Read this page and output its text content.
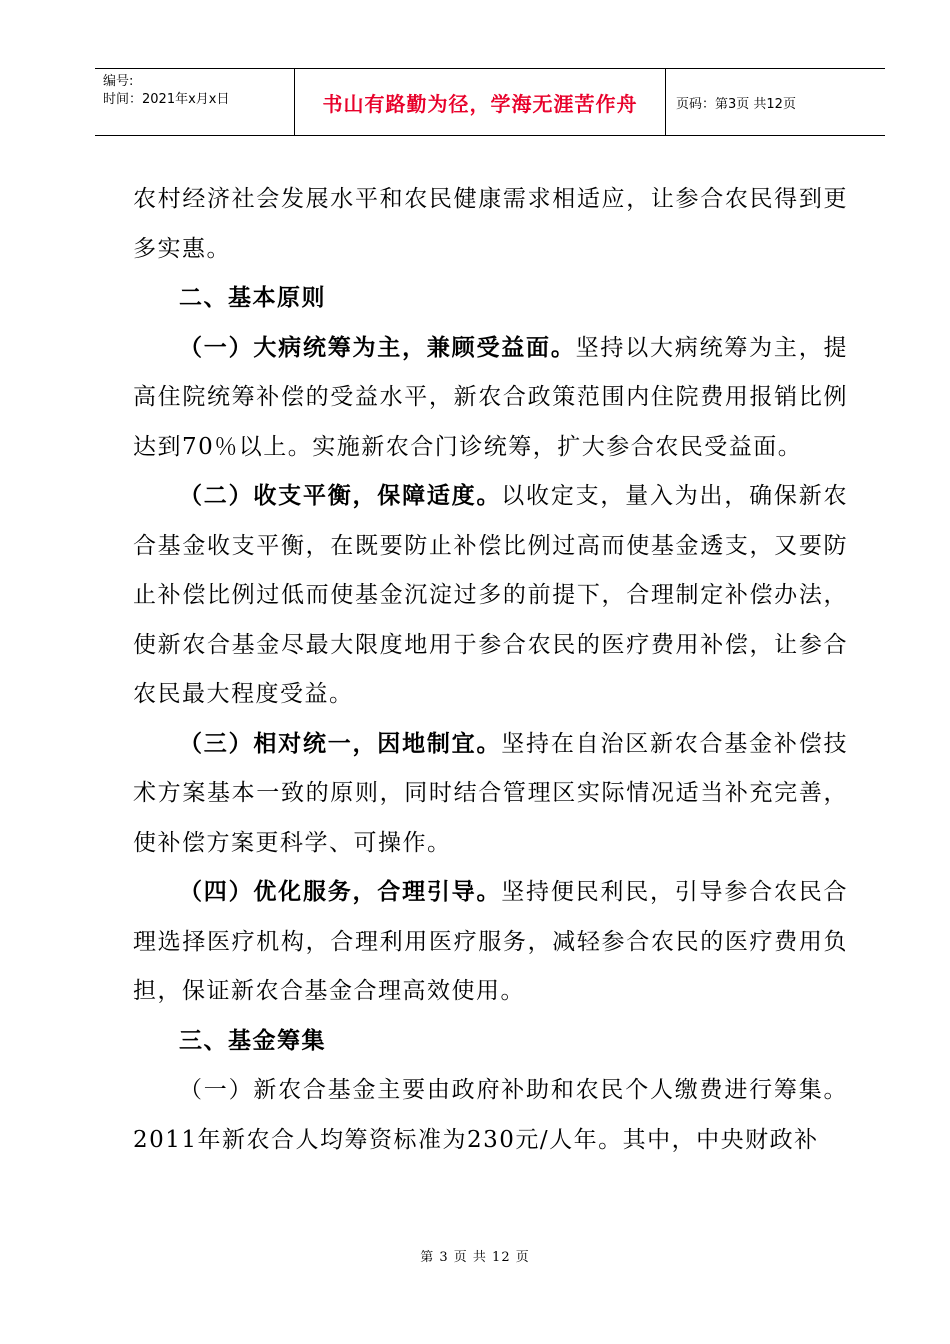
编号:
时间：2021年x月x日	书山有路勤为径，学海无涯苦作舟	页码：第3页 共12页

农村经济社会发展水平和农民健康需求相适应，让参合农民得到更多实惠。

二、基本原则

（一）大病统筹为主，兼顾受益面。坚持以大病统筹为主，提高住院统筹补偿的受益水平，新农合政策范围内住院费用报销比例达到70％以上。实施新农合门诊统筹，扩大参合农民受益面。

（二）收支平衡，保障适度。以收定支，量入为出，确保新农合基金收支平衡，在既要防止补偿比例过高而使基金透支，又要防止补偿比例过低而使基金沉淀过多的前提下，合理制定补偿办法，使新农合基金尽最大限度地用于参合农民的医疗费用补偿，让参合农民最大程度受益。

（三）相对统一，因地制宜。坚持在自治区新农合基金补偿技术方案基本一致的原则，同时结合管理区实际情况适当补充完善，使补偿方案更科学、可操作。

（四）优化服务，合理引导。坚持便民利民，引导参合农民合理选择医疗机构，合理利用医疗服务，减轻参合农民的医疗费用负担，保证新农合基金合理高效使用。

三、基金筹集

（一）新农合基金主要由政府补助和农民个人缴费进行筹集。2011年新农合人均筹资标准为230元/人年。其中，中央财政补

第 3 页 共 12 页
